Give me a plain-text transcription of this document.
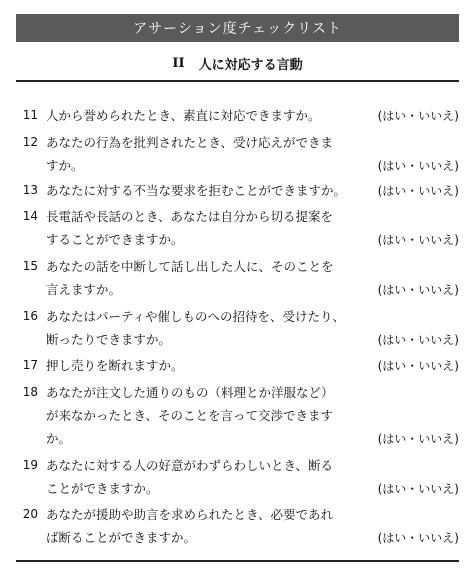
アサーション度チェックリスト
II 人に対応する言動
11 人から誉められたとき、素直に対応できますか。	(はい・いいえ)
12 あなたの行為を批判されたとき、受け応えができま
すか。	(はい・いいえ)
13 あなたに対する不当な要求を拒むことができますか。	(はい・いいえ)
14 長電話や長話のとき、あなたは自分から切る提案を
することができますか。	(はい・いいえ)
15 あなたの話を中断して話し出した人に、そのことを
言えますか。	(はい・いいえ)
16 あなたはパーティや催しものへの招待を、受けたり、
断ったりできますか。	(はい・いいえ)
17 押し売りを断れますか。	(はい・いいえ)
18 あなたが注文した通りのもの（料理とか洋服など）
が来なかったとき、そのことを言って交渉できます
か。	(はい・いいえ)
19 あなたに対する人の好意がわずらわしいとき、断る
ことができますか。	(はい・いいえ)
20 あなたが援助や助言を求められたとき、必要であれ
ば断ることができますか。	(はい・いいえ)
